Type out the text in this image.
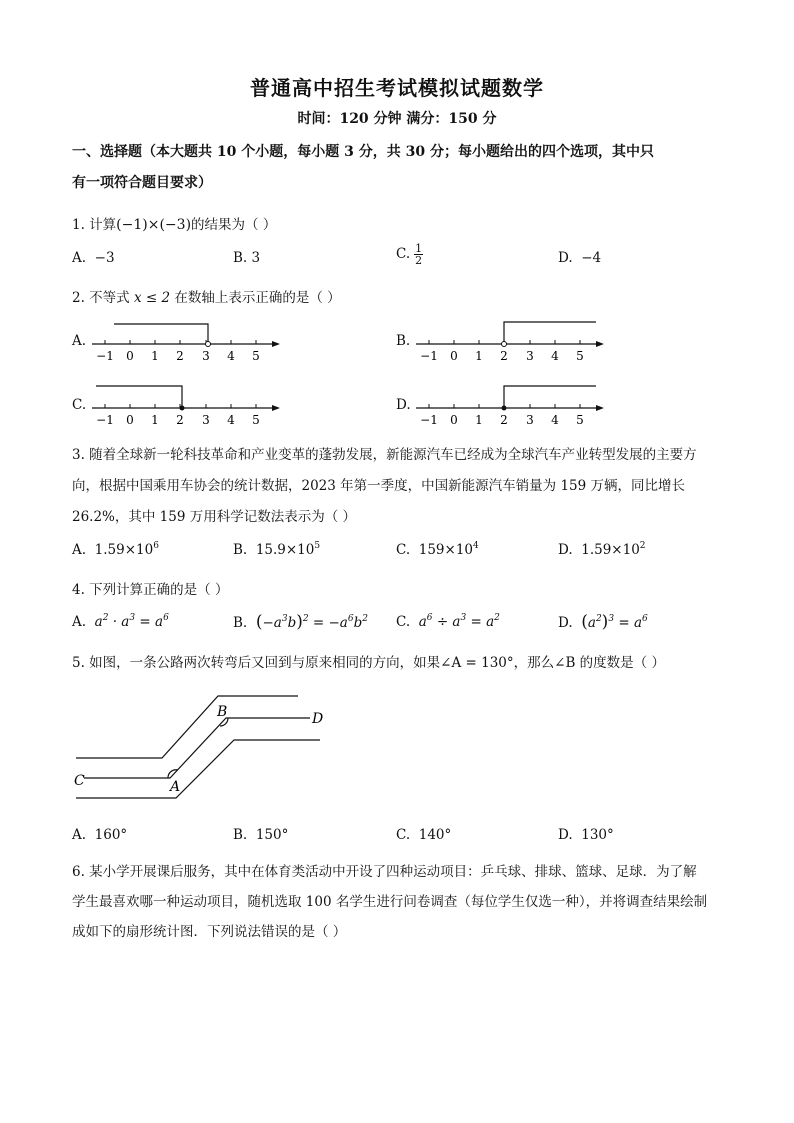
普通高中招生考试模拟试题数学
时间：120 分钟 满分：150 分
一、选择题（本大题共 10 个小题，每小题 3 分，共 30 分；每小题给出的四个选项，其中只
有一项符合题目要求）
1. 计算(−1)×(−3)的结果为（ ）
A. −3	B. 3	C. $\frac{1}{2}$	D. −4
2. 不等式 x ≤ 2 在数轴上表示正确的是（ ）
A.	B.
C.	D.
−1 0 1 2 3 4 5	−1 0 1 2 3 4 5
−1 0 1 2 3 4 5	−1 0 1 2 3 4 5
3. 随着全球新一轮科技革命和产业变革的蓬勃发展，新能源汽车已经成为全球汽车产业转型发展的主要方
向，根据中国乘用车协会的统计数据，2023 年第一季度，中国新能源汽车销量为 159 万辆，同比增长
26.2%，其中 159 万用科学记数法表示为（ ）
A. $1.59\times 10^6$	B. $15.9\times 10^5$	C. $159\times 10^4$	D. $1.59\times 10^2$
4. 下列计算正确的是（ ）
A. $a^2 \cdot a^3 = a^6$	B. $(-a^3b)^2 = -a^6b^2$ C. $a^6 \div a^3 = a^2$	D. $(a^2)^3 = a^6$
5. 如图，一条公路两次转弯后又回到与原来相同的方向，如果∠A = 130°，那么∠B 的度数是（ ）
C	A
B	D
A. 160°	B. 150°	C. 140°	D. 130°
6. 某小学开展课后服务，其中在体育类活动中开设了四种运动项目：乒乓球、排球、篮球、足球．为了解
学生最喜欢哪一种运动项目，随机选取 100 名学生进行问卷调查（每位学生仅选一种），并将调查结果绘制
成如下的扇形统计图．下列说法错误的是（ ）
